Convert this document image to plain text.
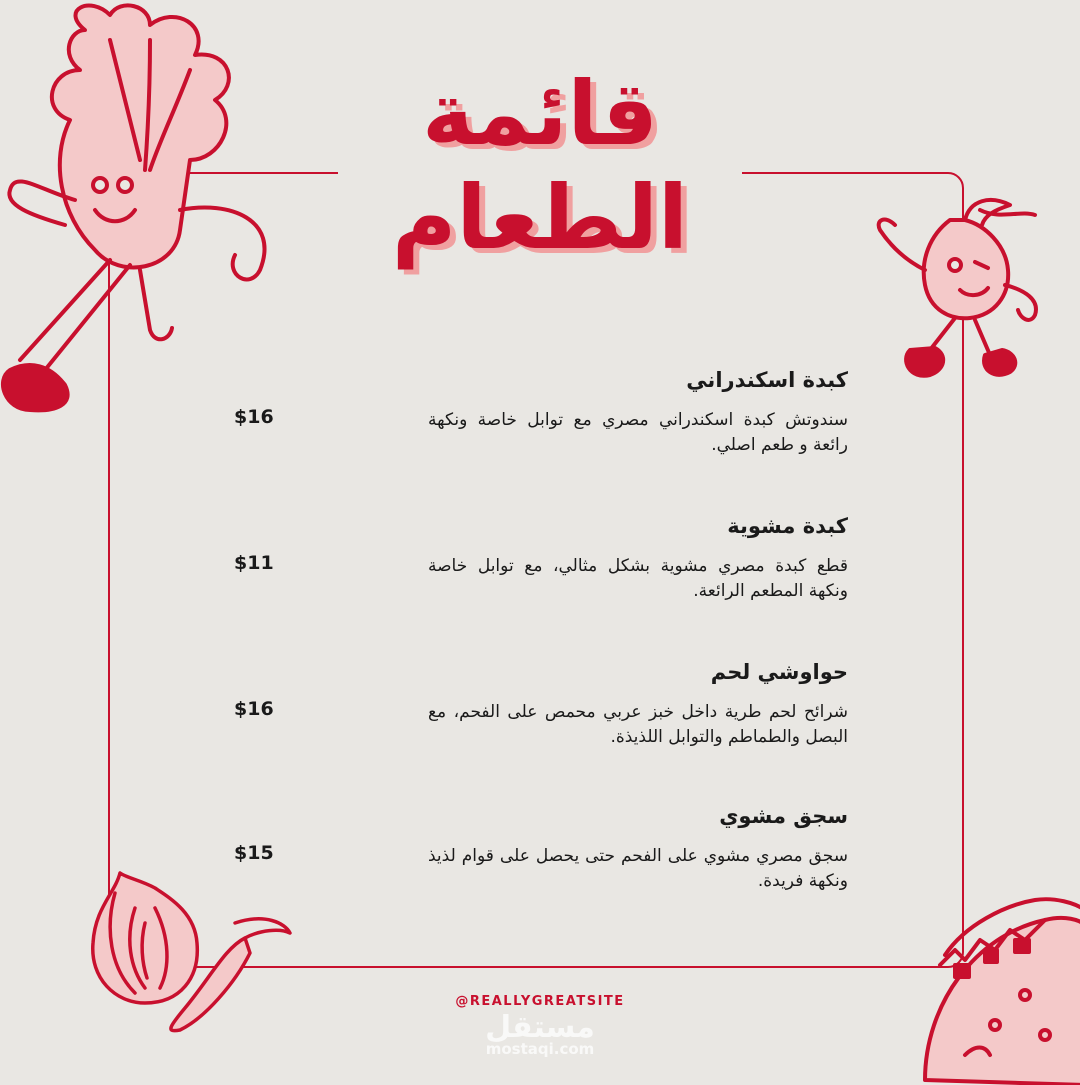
قائمة
الطعام
كبدة اسكندراني
سندوتش كبدة اسكندراني مصري مع توابل خاصة ونكهة رائعة و طعم اصلي.
$16
كبدة مشوية
قطع كبدة مصري مشوية بشكل مثالي، مع توابل خاصة ونكهة المطعم الرائعة.
$11
حواوشي لحم
شرائح لحم طرية داخل خبز عربي محمص على الفحم، مع البصل والطماطم والتوابل اللذيذة.
$16
سجق مشوي
سجق مصري مشوي على الفحم حتى يحصل على قوام لذيذ ونكهة فريدة.
$15
@REALLYGREATSITE
مستقل
mostaqi.com
